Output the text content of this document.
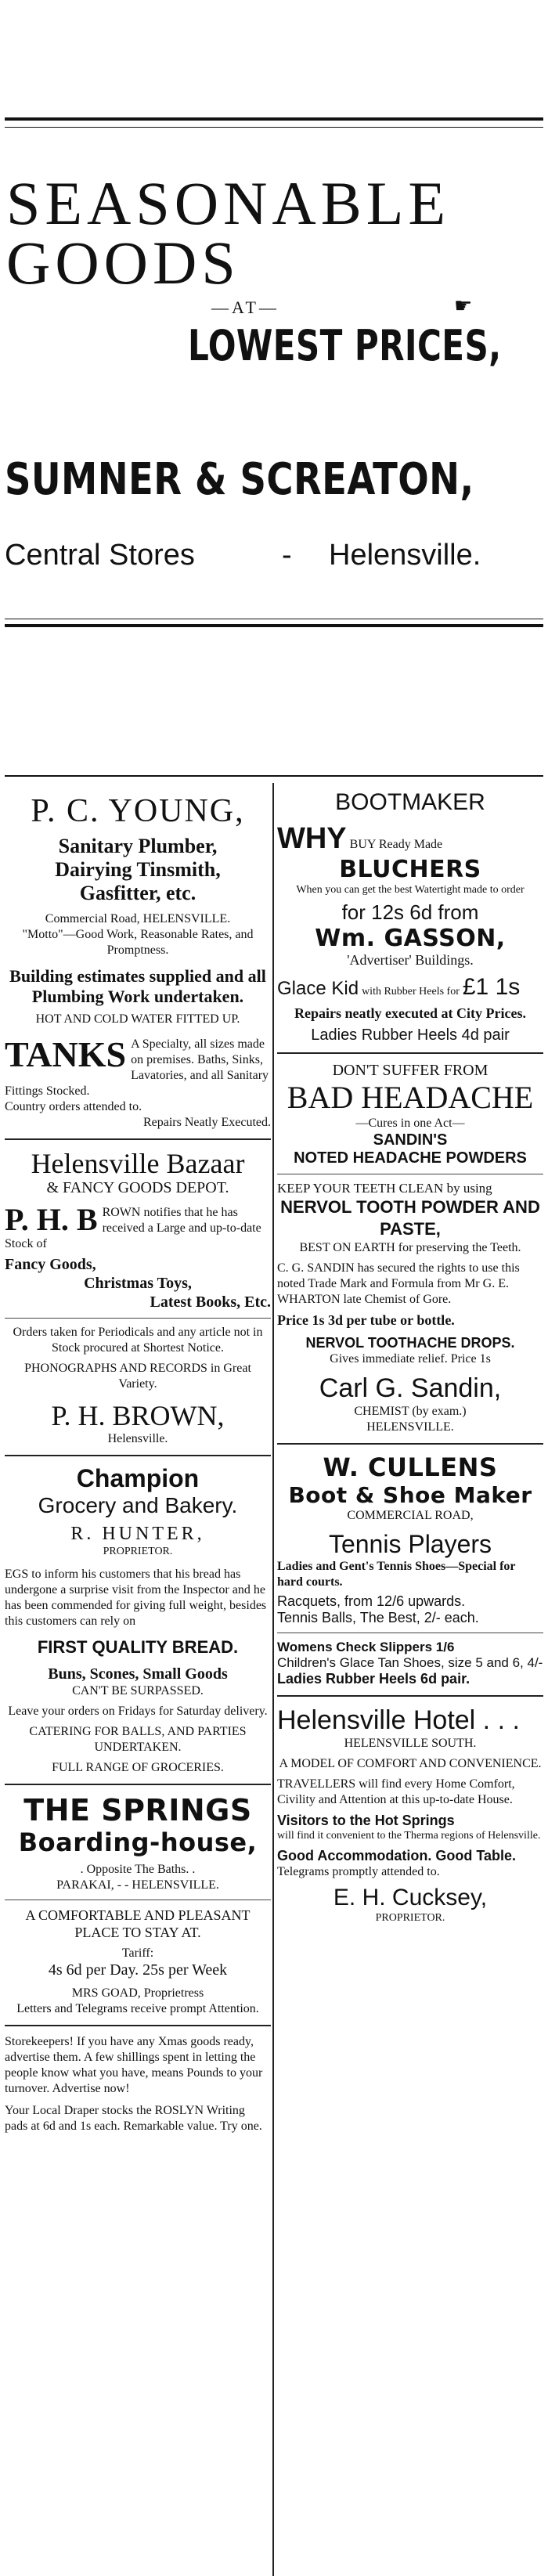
SEASONABLE
GOODS
—AT—	☛
LOWEST PRICES,
SUMNER & SCREATON,
Central Stores	- Helensville.
P. C. YOUNG,
Sanitary Plumber,
Dairying Tinsmith,
Gasfitter, etc.
Commercial Road, HELENSVILLE.
"Motto"—Good Work, Reasonable Rates, and Promptness.
Building estimates supplied and all Plumbing Work undertaken.
HOT AND COLD WATER FITTED UP.
TANKS A Specialty, all sizes made on premises. Baths, Sinks, Lavatories, and all Sanitary Fittings Stocked.
Country orders attended to.
Repairs Neatly Executed.
Helensville Bazaar
& FANCY GOODS DEPOT.
P. H. B ROWN notifies that he has received a Large and up-to-date Stock of
Fancy Goods,
Christmas Toys,
Latest Books, Etc.
Orders taken for Periodicals and any article not in Stock procured at Shortest Notice.
PHONOGRAPHS AND RECORDS in Great Variety.
P. H. BROWN,
Helensville.
Champion
Grocery and Bakery.
R. HUNTER,
PROPRIETOR.
EGS to inform his customers that his bread has undergone a surprise visit from the Inspector and he has been commended for giving full weight, besides this customers can rely on
FIRST QUALITY BREAD.
Buns, Scones, Small Goods
CAN'T BE SURPASSED.
Leave your orders on Fridays for Saturday delivery.
CATERING FOR BALLS, AND PARTIES UNDERTAKEN.
FULL RANGE OF GROCERIES.
THE SPRINGS
Boarding-house,
. Opposite The Baths. .
PARAKAI, - - HELENSVILLE.
A COMFORTABLE AND PLEASANT PLACE TO STAY AT.
Tariff:
4s 6d per Day. 25s per Week
MRS GOAD, Proprietress
Letters and Telegrams receive prompt Attention.
Storekeepers! If you have any Xmas goods ready, advertise them. A few shillings spent in letting the people know what you have, means Pounds to your turnover. Advertise now!
Your Local Draper stocks the ROSLYN Writing pads at 6d and 1s each. Remarkable value. Try one.
BOOTMAKER
WHY BUY Ready Made
BLUCHERS
When you can get the best Watertight made to order
for 12s 6d from
Wm. GASSON,
'Advertiser' Buildings.
Glace Kid with Rubber Heels for £1 1s
Repairs neatly executed at City Prices.
Ladies Rubber Heels 4d pair
DON'T SUFFER FROM
BAD HEADACHE
—Cures in one Act—
SANDIN'S
NOTED HEADACHE POWDERS
KEEP YOUR TEETH CLEAN by using
NERVOL TOOTH POWDER AND PASTE,
BEST ON EARTH for preserving the Teeth.
C. G. SANDIN has secured the rights to use this noted Trade Mark and Formula from Mr G. E. WHARTON late Chemist of Gore.
Price 1s 3d per tube or bottle.
NERVOL TOOTHACHE DROPS.
Gives immediate relief. Price 1s
Carl G. Sandin,
CHEMIST (by exam.)
HELENSVILLE.
W. CULLENS
Boot & Shoe Maker
COMMERCIAL ROAD,
Tennis Players
Ladies and Gent's Tennis Shoes—Special for hard courts.
Racquets, from 12/6 upwards.
Tennis Balls, The Best, 2/- each.
Womens Check Slippers 1/6
Children's Glace Tan Shoes, size 5 and 6, 4/-
Ladies Rubber Heels 6d pair.
Helensville Hotel . . .
HELENSVILLE SOUTH.
A MODEL OF COMFORT AND CONVENIENCE.
TRAVELLERS will find every Home Comfort, Civility and Attention at this up-to-date House.
Visitors to the Hot Springs
will find it convenient to the Therma regions of Helensville.
Good Accommodation. Good Table.
Telegrams promptly attended to.
E. H. Cucksey,
PROPRIETOR.
